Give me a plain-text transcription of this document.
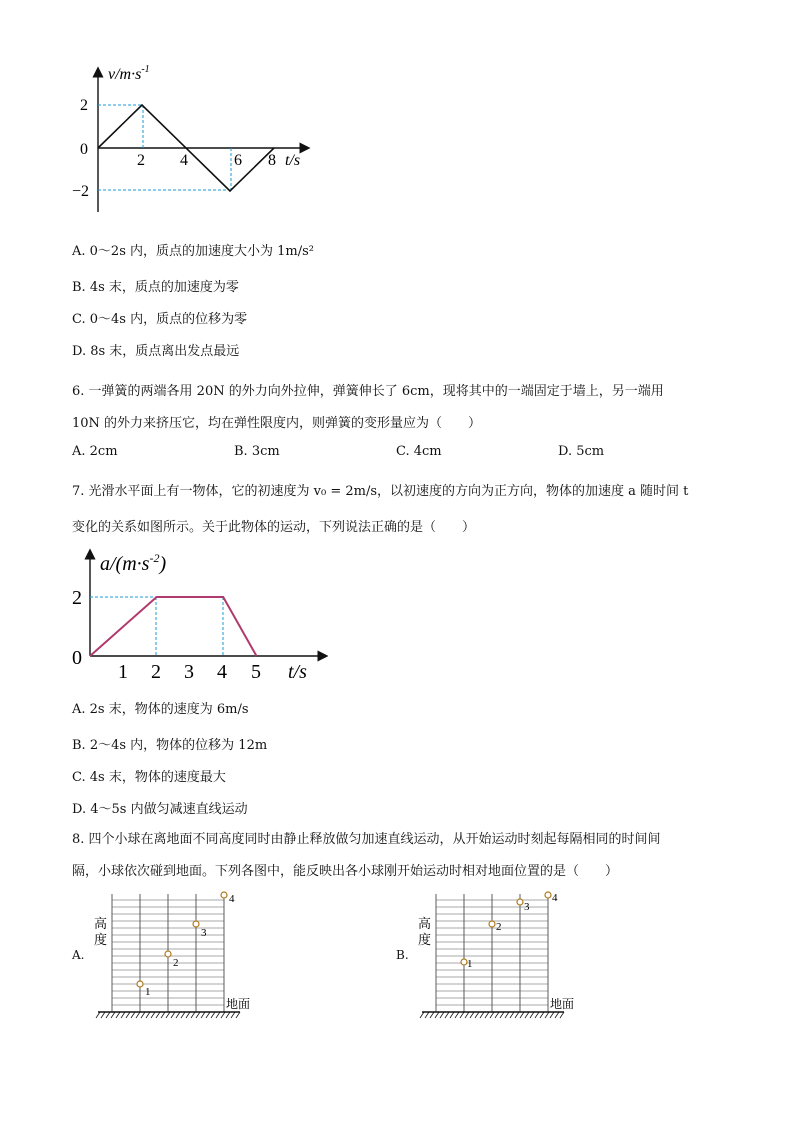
$v/m\cdot s^{-1}$
2
0
−2
2 4	6 8 t/s
A. 0～2s 内，质点的加速度大小为 1m/s²
B. 4s 末，质点的加速度为零
C. 0～4s 内，质点的位移为零
D. 8s 末，质点离出发点最远
6. 一弹簧的两端各用 20N 的外力向外拉伸，弹簧伸长了 6cm，现将其中的一端固定于墙上，另一端用
10N 的外力来挤压它，均在弹性限度内，则弹簧的变形量应为（　　）
A. 2cm	B. 3cm	C. 4cm	D. 5cm
7. 光滑水平面上有一物体，它的初速度为 v₀ = 2m/s，以初速度的方向为正方向，物体的加速度 a 随时间 t
变化的关系如图所示。关于此物体的运动，下列说法正确的是（　　）
$a/(m\cdot s^{-2})$
2
0
1 2 3 4 5 t/s
A. 2s 末，物体的速度为 6m/s
B. 2～4s 内，物体的位移为 12m
C. 4s 末，物体的速度最大
D. 4～5s 内做匀减速直线运动
8. 四个小球在离地面不同高度同时由静止释放做匀加速直线运动，从开始运动时刻起每隔相同的时间间
隔，小球依次碰到地面。下列各图中，能反映出各小球刚开始运动时相对地面位置的是（　　）
A.
高
度
地面
1
2
3
4
B.
高
度
地面
1
2
3
4
